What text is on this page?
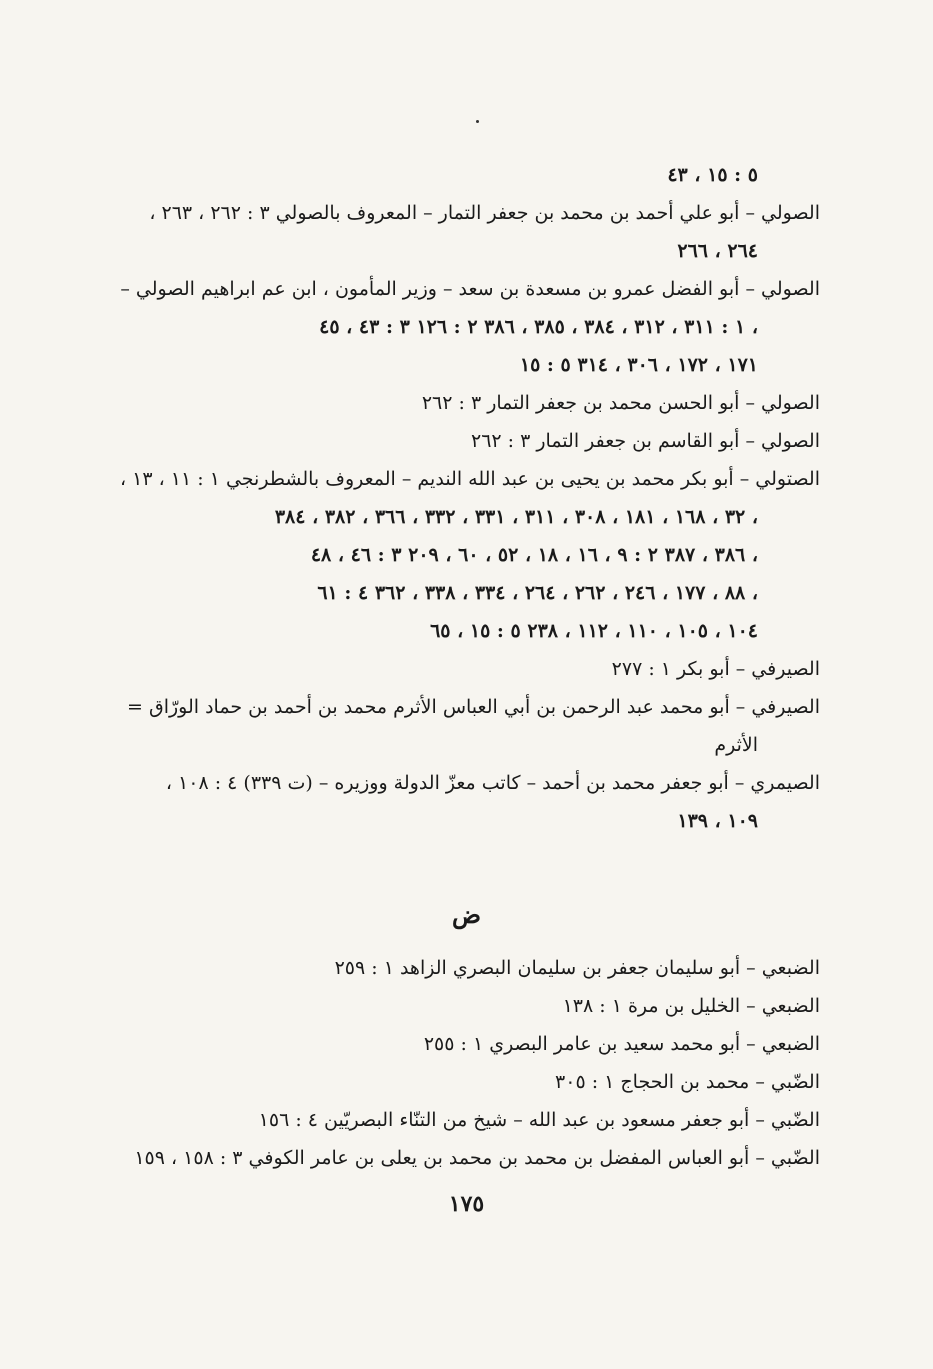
٥ : ١٥ ، ٤٣
الصولي – أبو علي أحمد بن محمد بن جعفر التمار – المعروف بالصولي ٣ : ٢٦٢ ، ٢٦٣ ،
٢٦٤ ، ٢٦٦
الصولي – أبو الفضل عمرو بن مسعدة بن سعد – وزير المأمون ، ابن عم ابراهيم الصولي –
١ : ٣١١ ، ٣١٢ ، ٣٨٤ ، ٣٨٥ ، ٣٨٦ ٢ : ١٢٦ ٣ : ٤٣ ، ٤٥ ،
١٧١ ، ١٧٢ ، ٣٠٦ ، ٣١٤ ٥ : ١٥
الصولي – أبو الحسن محمد بن جعفر التمار ٣ : ٢٦٢
الصولي – أبو القاسم بن جعفر التمار ٣ : ٢٦٢
الصتولي – أبو بكر محمد بن يحيى بن عبد الله النديم – المعروف بالشطرنجي ١ : ١١ ، ١٣ ،
٣٢ ، ١٦٨ ، ١٨١ ، ٣٠٨ ، ٣١١ ، ٣٣١ ، ٣٣٢ ، ٣٦٦ ، ٣٨٢ ، ٣٨٤ ،
٣٨٦ ، ٣٨٧ ٢ : ٩ ، ١٦ ، ١٨ ، ٥٢ ، ٦٠ ، ٢٠٩ ٣ : ٤٦ ، ٤٨ ،
٨٨ ، ١٧٧ ، ٢٤٦ ، ٢٦٢ ، ٢٦٤ ، ٣٣٤ ، ٣٣٨ ، ٣٦٢ ٤ : ٦١ ،
١٠٤ ، ١٠٥ ، ١١٠ ، ١١٢ ، ٢٣٨ ٥ : ١٥ ، ٦٥
الصيرفي – أبو بكر ١ : ٢٧٧
الصيرفي – أبو محمد عبد الرحمن بن أبي العباس الأثرم محمد بن أحمد بن حماد الورّاق =
الأثرم
الصيمري – أبو جعفر محمد بن أحمد – كاتب معزّ الدولة ووزيره – (ت ٣٣٩) ٤ : ١٠٨ ،
١٠٩ ، ١٣٩
ض
الضبعي – أبو سليمان جعفر بن سليمان البصري الزاهد ١ : ٢٥٩
الضبعي – الخليل بن مرة ١ : ١٣٨
الضبعي – أبو محمد سعيد بن عامر البصري ١ : ٢٥٥
الضّبي – محمد بن الحجاج ١ : ٣٠٥
الضّبي – أبو جعفر مسعود بن عبد الله – شيخ من التنّاء البصريّين ٤ : ١٥٦
الضّبي – أبو العباس المفضل بن محمد بن محمد بن يعلى بن عامر الكوفي ٣ : ١٥٨ ، ١٥٩
١٧٥
